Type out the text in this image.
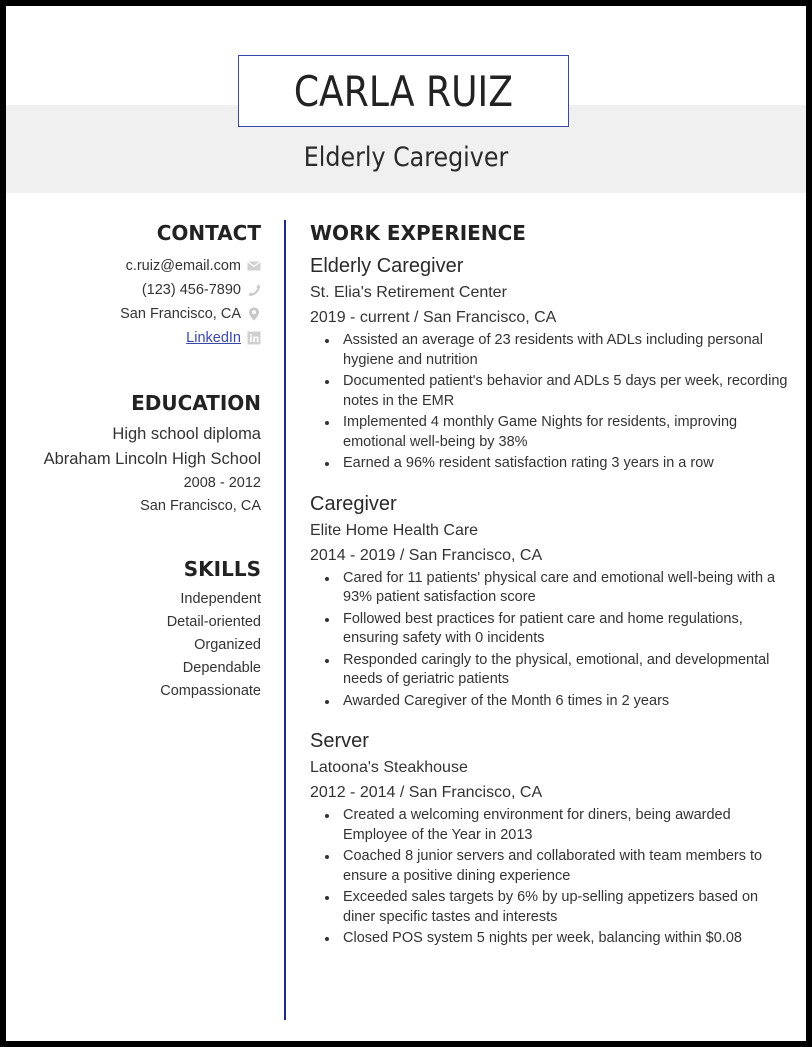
CARLA RUIZ
Elderly Caregiver
CONTACT
c.ruiz@email.com
(123) 456-7890
San Francisco, CA
LinkedIn
EDUCATION
High school diploma
Abraham Lincoln High School
2008 - 2012
San Francisco, CA
SKILLS
Independent
Detail-oriented
Organized
Dependable
Compassionate
WORK EXPERIENCE
Elderly Caregiver
St. Elia's Retirement Center
2019 - current / San Francisco, CA
Assisted an average of 23 residents with ADLs including personal hygiene and nutrition
Documented patient's behavior and ADLs 5 days per week, recording notes in the EMR
Implemented 4 monthly Game Nights for residents, improving emotional well-being by 38%
Earned a 96% resident satisfaction rating 3 years in a row
Caregiver
Elite Home Health Care
2014 - 2019 / San Francisco, CA
Cared for 11 patients' physical care and emotional well-being with a 93% patient satisfaction score
Followed best practices for patient care and home regulations, ensuring safety with 0 incidents
Responded caringly to the physical, emotional, and developmental needs of geriatric patients
Awarded Caregiver of the Month 6 times in 2 years
Server
Latoona's Steakhouse
2012 - 2014 / San Francisco, CA
Created a welcoming environment for diners, being awarded Employee of the Year in 2013
Coached 8 junior servers and collaborated with team members to ensure a positive dining experience
Exceeded sales targets by 6% by up-selling appetizers based on diner specific tastes and interests
Closed POS system 5 nights per week, balancing within $0.08
